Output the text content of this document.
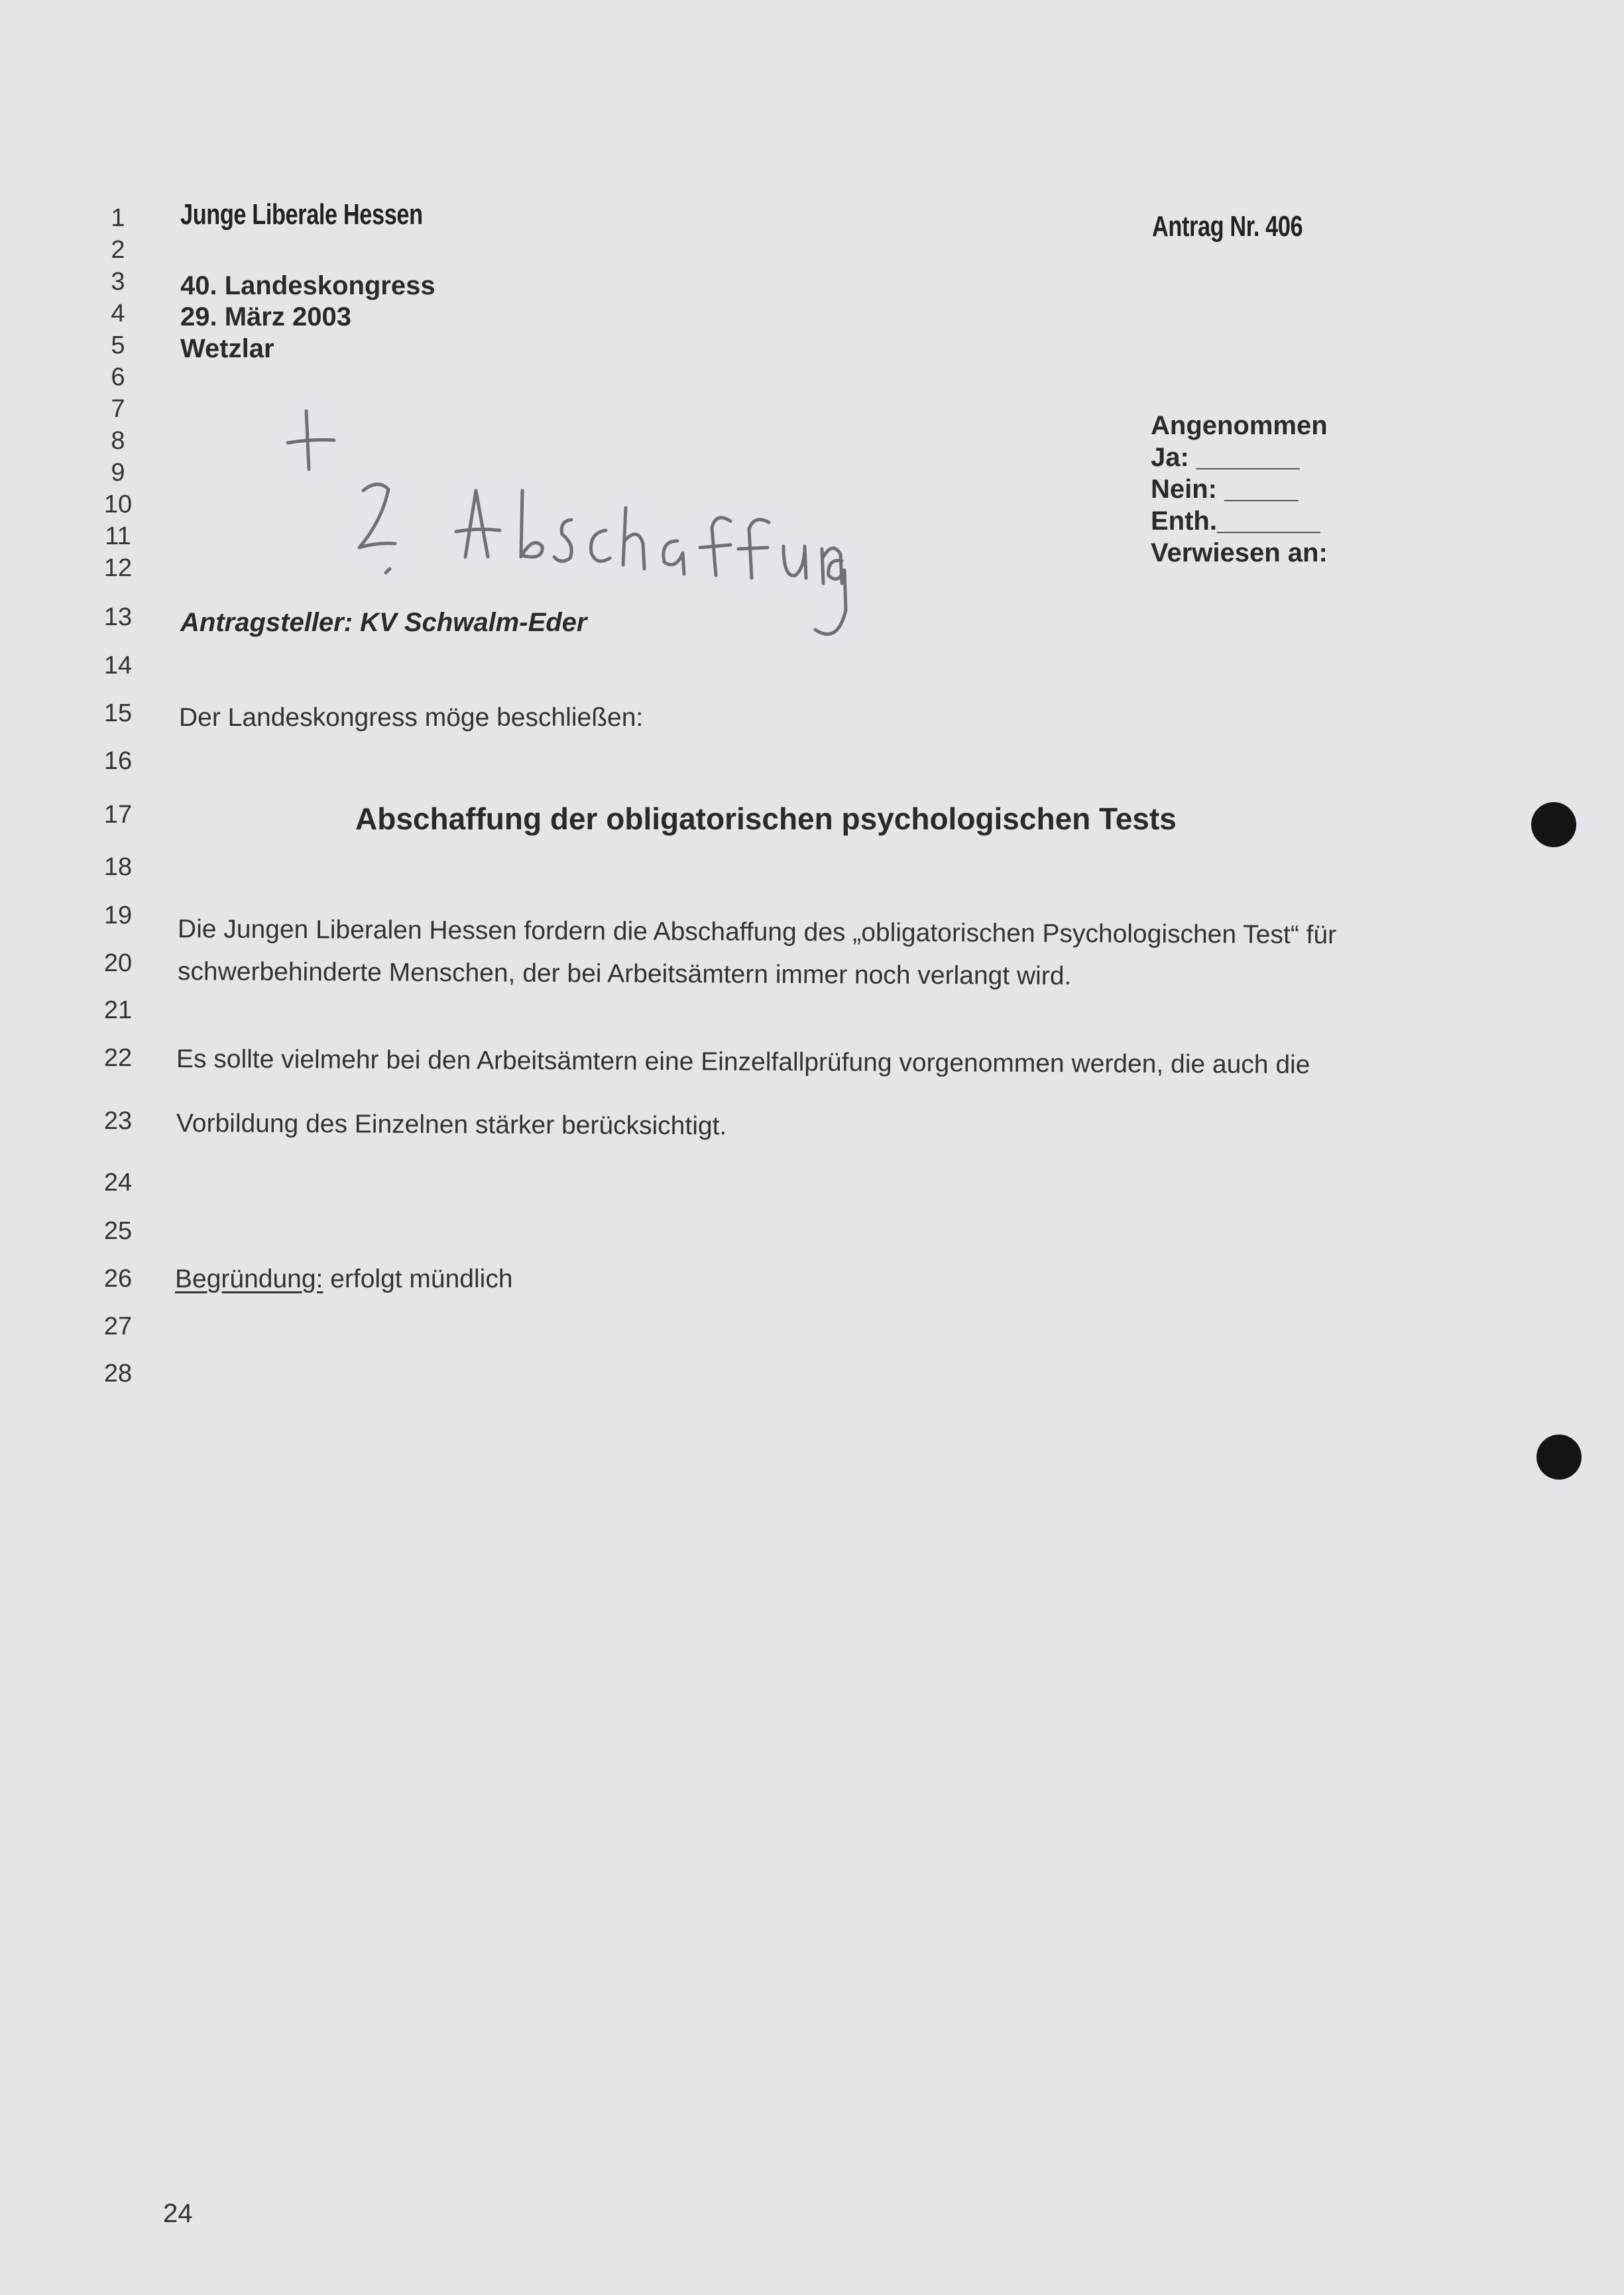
1
2
3
4
5
6
7
8
9
10
11
12
13
14
15
16
17
18
19
20
21
22
23
24
25
26
27
28
Junge Liberale Hessen	Antrag Nr. 406
40. Landeskongress
29. März 2003
Wetzlar
Angenommen
Ja: _______
Nein: _____
Enth._______
Verwiesen an:
Antragsteller: KV Schwalm-Eder
Der Landeskongress möge beschließen:
Abschaffung der obligatorischen psychologischen Tests
Die Jungen Liberalen Hessen fordern die Abschaffung des „obligatorischen Psychologischen Test“ für
schwerbehinderte Menschen, der bei Arbeitsämtern immer noch verlangt wird.
Es sollte vielmehr bei den Arbeitsämtern eine Einzelfallprüfung vorgenommen werden, die auch die
Vorbildung des Einzelnen stärker berücksichtigt.
Begründung: erfolgt mündlich
24
